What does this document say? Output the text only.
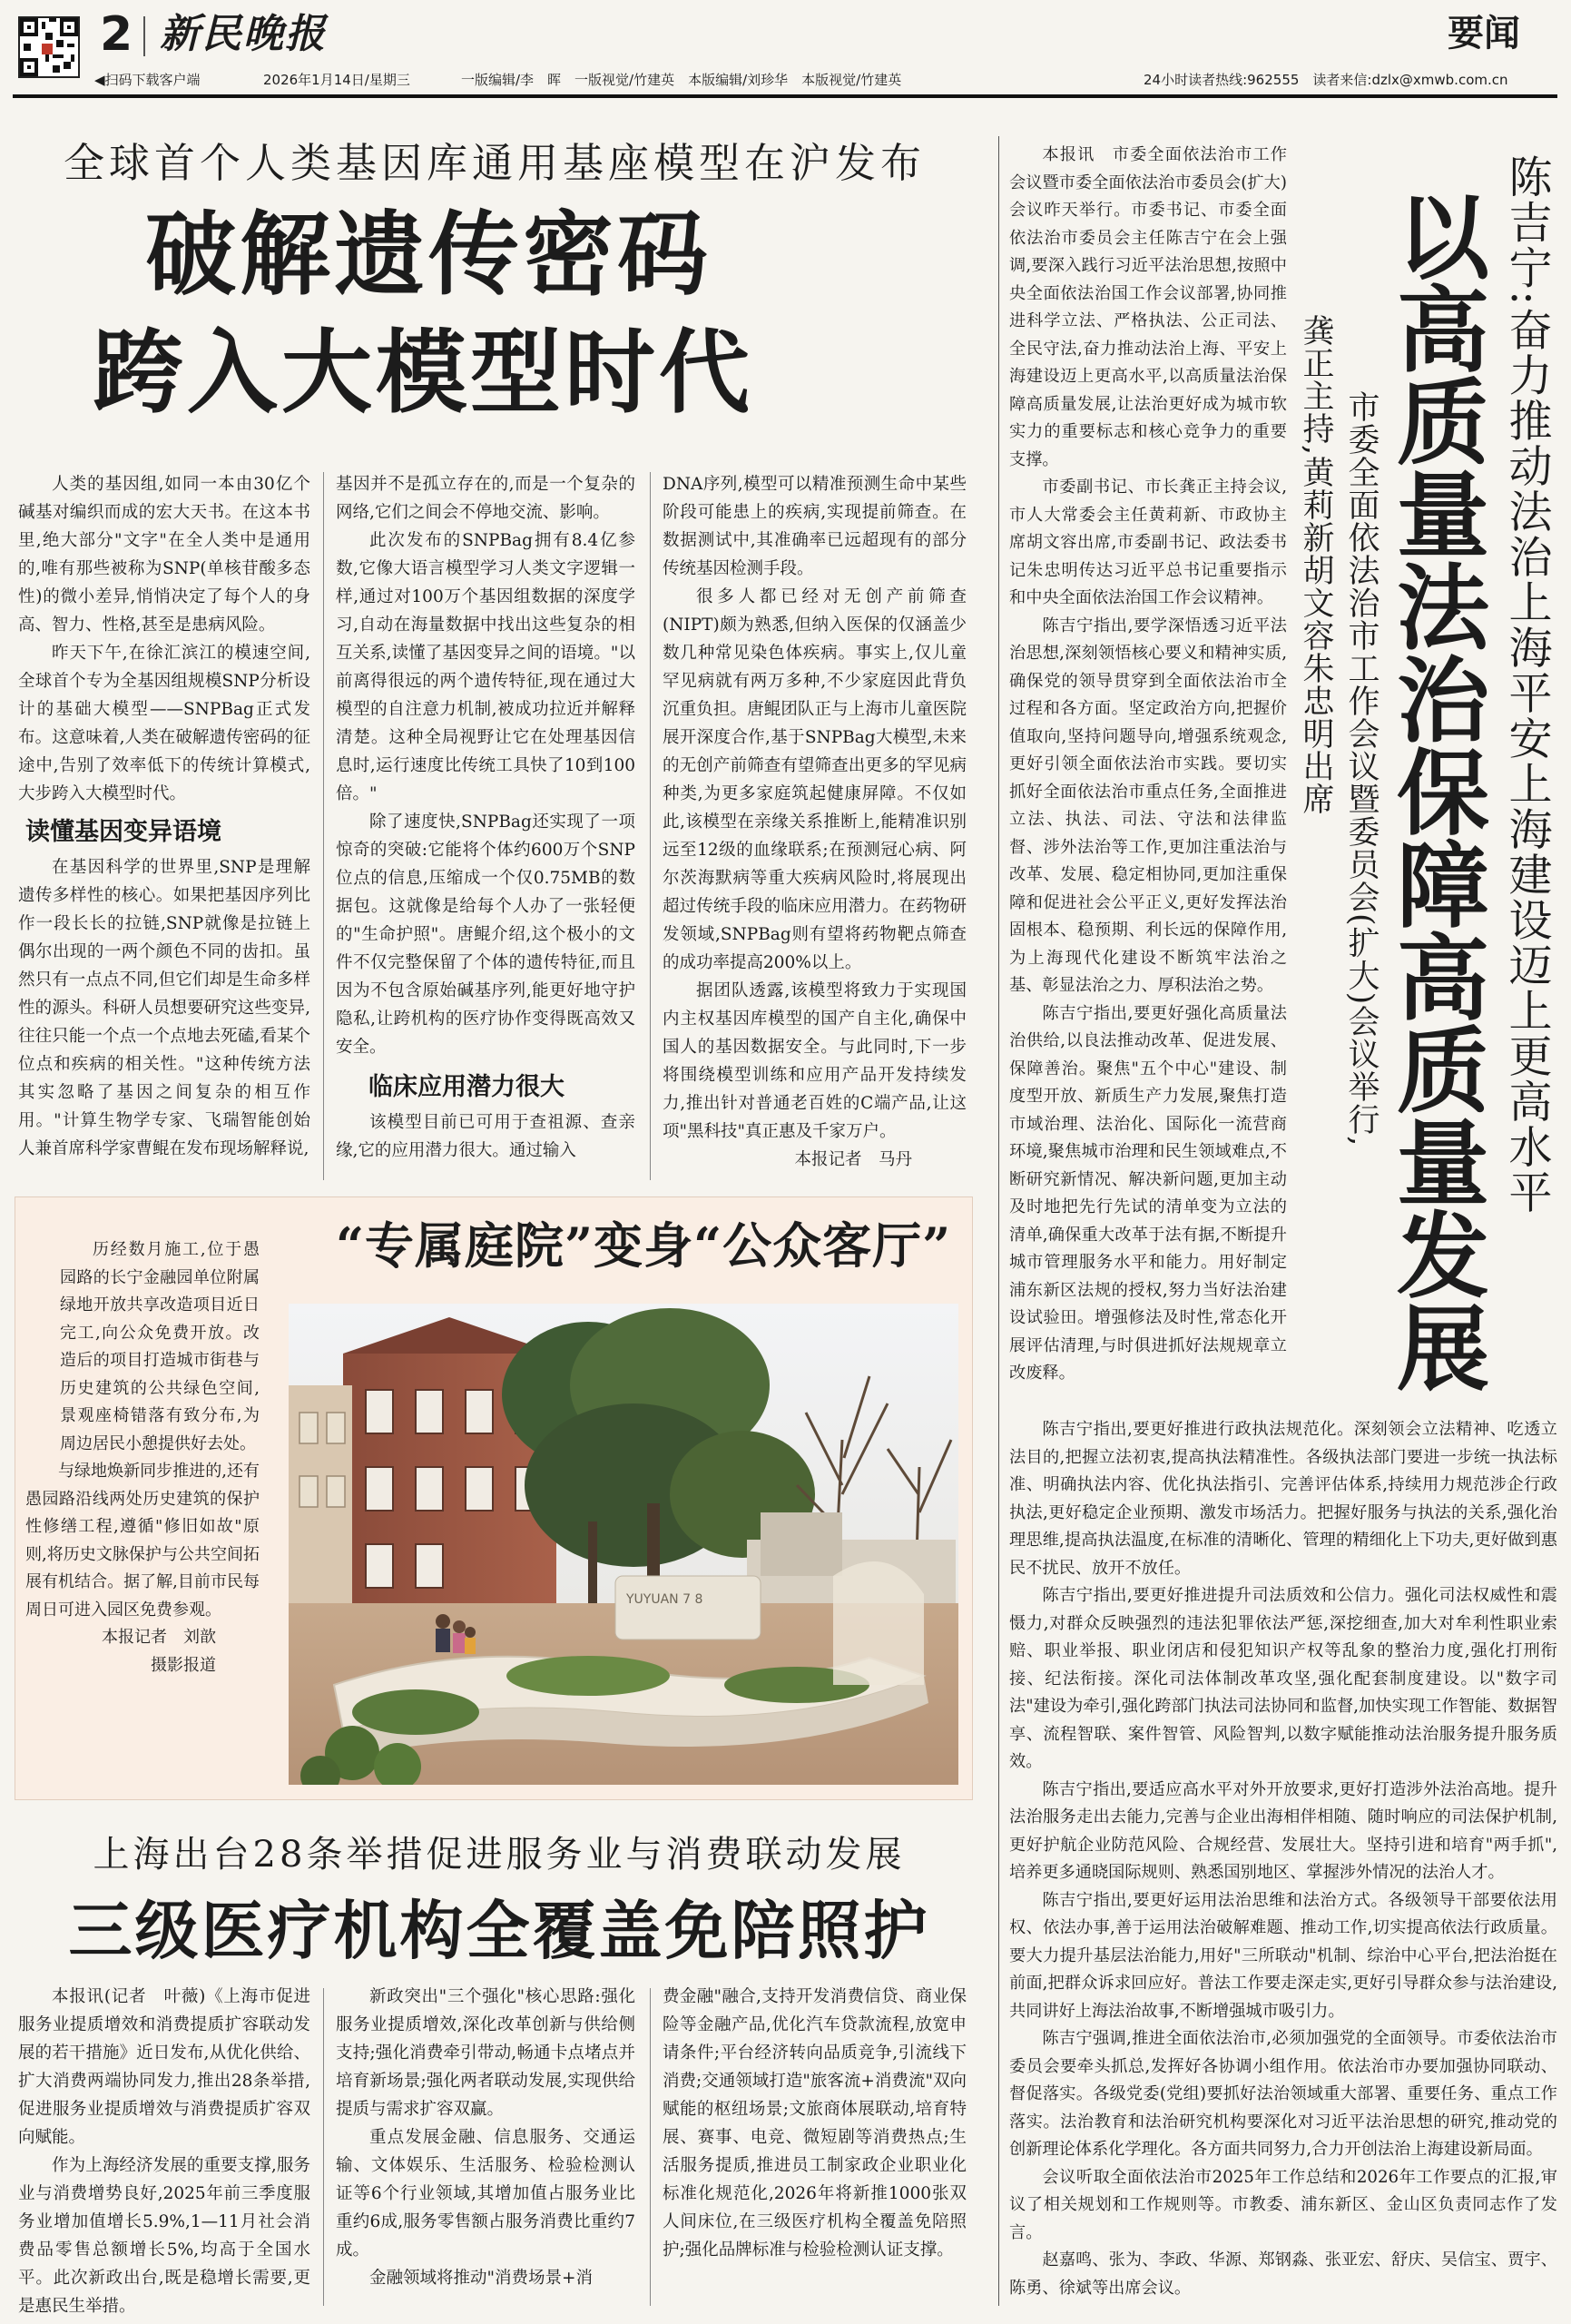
2 新民晚报	要闻
◀扫码下载客户端	2026年1月14日/星期三	一版编辑/李　晖　一版视觉/竹建英　本版编辑/刘珍华　本版视觉/竹建英	24小时读者热线:962555　读者来信:dzlx@xmwb.com.cn
全球首个人类基因库通用基座模型在沪发布
破解遗传密码
跨入大模型时代

人类的基因组,如同一本由30亿个碱基对编织而成的宏大天书。在这本书里,绝大部分"文字"在全人类中是通用的,唯有那些被称为SNP(单核苷酸多态性)的微小差异,悄悄决定了每个人的身高、智力、性格,甚至是患病风险。

昨天下午,在徐汇滨江的模速空间,全球首个专为全基因组规模SNP分析设计的基础大模型——SNPBag正式发布。这意味着,人类在破解遗传密码的征途中,告别了效率低下的传统计算模式,大步跨入大模型时代。

读懂基因变异语境

在基因科学的世界里,SNP是理解遗传多样性的核心。如果把基因序列比作一段长长的拉链,SNP就像是拉链上偶尔出现的一两个颜色不同的齿扣。虽然只有一点点不同,但它们却是生命多样性的源头。科研人员想要研究这些变异,往往只能一个点一个点地去死磕,看某个位点和疾病的相关性。"这种传统方法其实忽略了基因之间复杂的相互作用。"计算生物学专家、飞瑞智能创始人兼首席科学家曹鲲在发布现场解释说,

基因并不是孤立存在的,而是一个复杂的网络,它们之间会不停地交流、影响。

此次发布的SNPBag拥有8.4亿参数,它像大语言模型学习人类文字逻辑一样,通过对100万个基因组数据的深度学习,自动在海量数据中找出这些复杂的相互关系,读懂了基因变异之间的语境。"以前离得很远的两个遗传特征,现在通过大模型的自注意力机制,被成功拉近并解释清楚。这种全局视野让它在处理基因信息时,运行速度比传统工具快了10到100倍。"

除了速度快,SNPBag还实现了一项惊奇的突破:它能将个体约600万个SNP位点的信息,压缩成一个仅0.75MB的数据包。这就像是给每个人办了一张轻便的"生命护照"。唐鲲介绍,这个极小的文件不仅完整保留了个体的遗传特征,而且因为不包含原始碱基序列,能更好地守护隐私,让跨机构的医疗协作变得既高效又安全。

临床应用潜力很大

该模型目前已可用于查祖源、查亲缘,它的应用潜力很大。通过输入

DNA序列,模型可以精准预测生命中某些阶段可能患上的疾病,实现提前筛查。在数据测试中,其准确率已远超现有的部分传统基因检测手段。

很多人都已经对无创产前筛查(NIPT)颇为熟悉,但纳入医保的仅涵盖少数几种常见染色体疾病。事实上,仅儿童罕见病就有两万多种,不少家庭因此背负沉重负担。唐鲲团队正与上海市儿童医院展开深度合作,基于SNPBag大模型,未来的无创产前筛查有望筛查出更多的罕见病种类,为更多家庭筑起健康屏障。不仅如此,该模型在亲缘关系推断上,能精准识别远至12级的血缘联系;在预测冠心病、阿尔茨海默病等重大疾病风险时,将展现出超过传统手段的临床应用潜力。在药物研发领域,SNPBag则有望将药物靶点筛查的成功率提高200%以上。

据团队透露,该模型将致力于实现国内主权基因库模型的国产自主化,确保中国人的基因数据安全。与此同时,下一步将围绕模型训练和应用产品开发持续发力,推出针对普通老百姓的C端产品,让这项"黑科技"真正惠及千家万户。

本报记者　马丹

“专属庭院”变身“公众客厅”

历经数月施工,位于愚园路的长宁金融园单位附属绿地开放共享改造项目近日完工,向公众免费开放。改造后的项目打造城市街巷与历史建筑的公共绿色空间,景观座椅错落有致分布,为周边居民小憩提供好去处。

与绿地焕新同步推进的,还有愚园路沿线两处历史建筑的保护性修缮工程,遵循"修旧如故"原则,将历史文脉保护与公共空间拓展有机结合。据了解,目前市民每周日可进入园区免费参观。

本报记者　刘歆

摄影报道

YUYUAN 7 8
上海出台28条举措促进服务业与消费联动发展
三级医疗机构全覆盖免陪照护

本报讯(记者　叶薇)《上海市促进服务业提质增效和消费提质扩容联动发展的若干措施》近日发布,从优化供给、扩大消费两端协同发力,推出28条举措,促进服务业提质增效与消费提质扩容双向赋能。

作为上海经济发展的重要支撑,服务业与消费增势良好,2025年前三季度服务业增加值增长5.9%,1—11月社会消费品零售总额增长5%,均高于全国水平。此次新政出台,既是稳增长需要,更是惠民生举措。

新政突出"三个强化"核心思路:强化服务业提质增效,深化改革创新与供给侧支持;强化消费牵引带动,畅通卡点堵点并培育新场景;强化两者联动发展,实现供给提质与需求扩容双赢。

重点发展金融、信息服务、交通运输、文体娱乐、生活服务、检验检测认证等6个行业领域,其增加值占服务业比重约6成,服务零售额占服务消费比重约7成。

金融领域将推动"消费场景+消

费金融"融合,支持开发消费信贷、商业保险等金融产品,优化汽车贷款流程,放宽申请条件;平台经济转向品质竞争,引流线下消费;交通领域打造"旅客流+消费流"双向赋能的枢纽场景;文旅商体展联动,培育特展、赛事、电竞、微短剧等消费热点;生活服务提质,推进员工制家政企业职业化标准化规范化,2026年将新推1000张双人间床位,在三级医疗机构全覆盖免陪照护;强化品牌标准与检验检测认证支撑。

本报讯　市委全面依法治市工作会议暨市委全面依法治市委员会(扩大)会议昨天举行。市委书记、市委全面依法治市委员会主任陈吉宁在会上强调,要深入践行习近平法治思想,按照中央全面依法治国工作会议部署,协同推进科学立法、严格执法、公正司法、全民守法,奋力推动法治上海、平安上海建设迈上更高水平,以高质量法治保障高质量发展,让法治更好成为城市软实力的重要标志和核心竞争力的重要支撑。

市委副书记、市长龚正主持会议,市人大常委会主任黄莉新、市政协主席胡文容出席,市委副书记、政法委书记朱忠明传达习近平总书记重要指示和中央全面依法治国工作会议精神。

陈吉宁指出,要学深悟透习近平法治思想,深刻领悟核心要义和精神实质,确保党的领导贯穿到全面依法治市全过程和各方面。坚定政治方向,把握价值取向,坚持问题导向,增强系统观念,更好引领全面依法治市实践。要切实抓好全面依法治市重点任务,全面推进立法、执法、司法、守法和法律监督、涉外法治等工作,更加注重法治与改革、发展、稳定相协同,更加注重保障和促进社会公平正义,更好发挥法治固根本、稳预期、利长远的保障作用,为上海现代化建设不断筑牢法治之基、彰显法治之力、厚积法治之势。

陈吉宁指出,要更好强化高质量法治供给,以良法推动改革、促进发展、保障善治。聚焦"五个中心"建设、制度型开放、新质生产力发展,聚焦打造市域治理、法治化、国际化一流营商环境,聚焦城市治理和民生领域难点,不断研究新情况、解决新问题,更加主动及时地把先行先试的清单变为立法的清单,确保重大改革于法有据,不断提升城市管理服务水平和能力。用好制定浦东新区法规的授权,努力当好法治建设试验田。增强修法及时性,常态化开展评估清理,与时俱进抓好法规规章立改废释。

陈吉宁:奋力推动法治上海平安上海建设迈上更高水平
以高质量法治保障高质量发展
市委全面依法治市工作会议暨委员会(扩大)会议举行,
龚正主持,黄莉新胡文容朱忠明出席

陈吉宁指出,要更好推进行政执法规范化。深刻领会立法精神、吃透立法目的,把握立法初衷,提高执法精准性。各级执法部门要进一步统一执法标准、明确执法内容、优化执法指引、完善评估体系,持续用力规范涉企行政执法,更好稳定企业预期、激发市场活力。把握好服务与执法的关系,强化治理思维,提高执法温度,在标准的清晰化、管理的精细化上下功夫,更好做到惠民不扰民、放开不放任。

陈吉宁指出,要更好推进提升司法质效和公信力。强化司法权威性和震慑力,对群众反映强烈的违法犯罪依法严惩,深挖细查,加大对牟利性职业索赔、职业举报、职业闭店和侵犯知识产权等乱象的整治力度,强化打刑衔接、纪法衔接。深化司法体制改革攻坚,强化配套制度建设。以"数字司法"建设为牵引,强化跨部门执法司法协同和监督,加快实现工作智能、数据智享、流程智联、案件智管、风险智判,以数字赋能推动法治服务提升服务质效。

陈吉宁指出,要适应高水平对外开放要求,更好打造涉外法治高地。提升法治服务走出去能力,完善与企业出海相伴相随、随时响应的司法保护机制,更好护航企业防范风险、合规经营、发展壮大。坚持引进和培育"两手抓",培养更多通晓国际规则、熟悉国别地区、掌握涉外情况的法治人才。

陈吉宁指出,要更好运用法治思维和法治方式。各级领导干部要依法用权、依法办事,善于运用法治破解难题、推动工作,切实提高依法行政质量。要大力提升基层法治能力,用好"三所联动"机制、综治中心平台,把法治挺在前面,把群众诉求回应好。普法工作要走深走实,更好引导群众参与法治建设,共同讲好上海法治故事,不断增强城市吸引力。

陈吉宁强调,推进全面依法治市,必须加强党的全面领导。市委依法治市委员会要牵头抓总,发挥好各协调小组作用。依法治市办要加强协同联动、督促落实。各级党委(党组)要抓好法治领域重大部署、重要任务、重点工作落实。法治教育和法治研究机构要深化对习近平法治思想的研究,推动党的创新理论体系化学理化。各方面共同努力,合力开创法治上海建设新局面。

会议听取全面依法治市2025年工作总结和2026年工作要点的汇报,审议了相关规划和工作规则等。市教委、浦东新区、金山区负责同志作了发言。

赵嘉鸣、张为、李政、华源、郑钢淼、张亚宏、舒庆、吴信宝、贾宇、陈勇、徐斌等出席会议。
